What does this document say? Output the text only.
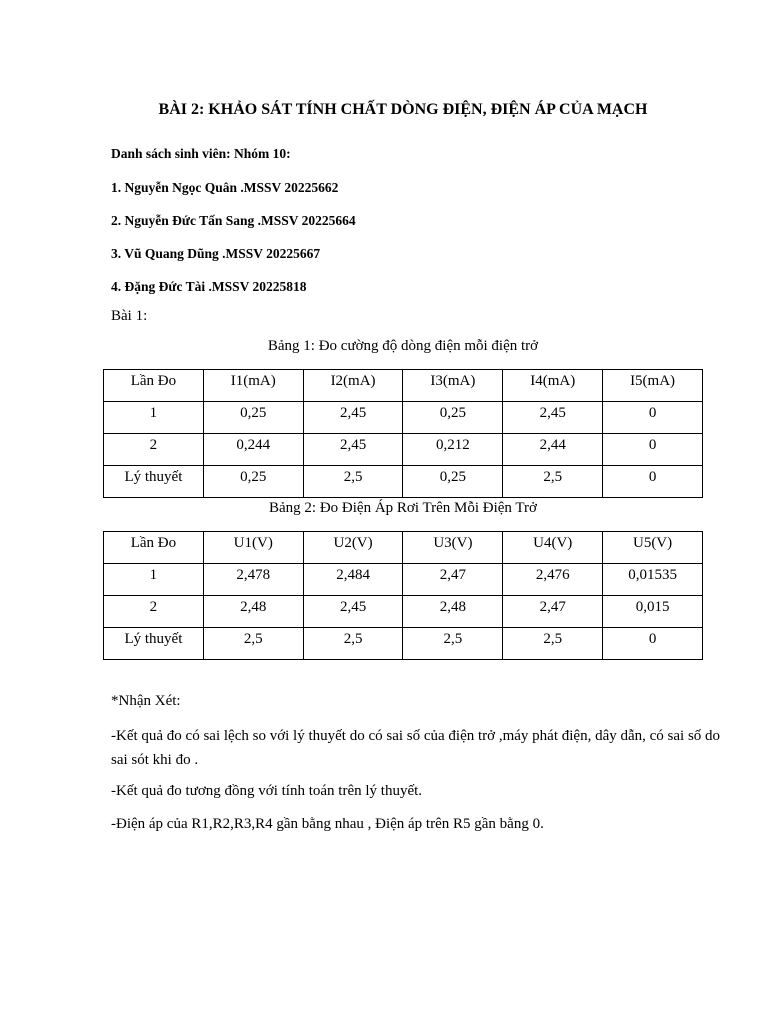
BÀI 2: KHẢO SÁT TÍNH CHẤT DÒNG ĐIỆN, ĐIỆN ÁP CỦA MẠCH
Danh sách sinh viên: Nhóm 10:
1. Nguyễn Ngọc Quân .MSSV 20225662
2. Nguyễn Đức Tấn Sang .MSSV 20225664
3. Vũ Quang Dũng .MSSV 20225667
4. Đặng Đức Tài .MSSV 20225818
Bài 1:
Bảng 1: Đo cường độ dòng điện mỗi điện trở
Lần Đo	I1(mA)	I2(mA)	I3(mA)	I4(mA)	I5(mA)
1	0,25	2,45	0,25	2,45	0
2	0,244	2,45	0,212	2,44	0
Lý thuyết	0,25	2,5	0,25	2,5	0
Bảng 2: Đo Điện Áp Rơi Trên Mỗi Điện Trở
Lần Đo	U1(V)	U2(V)	U3(V)	U4(V)	U5(V)
1	2,478	2,484	2,47	2,476	0,01535
2	2,48	2,45	2,48	2,47	0,015
Lý thuyết	2,5	2,5	2,5	2,5	0
*Nhận Xét:
-Kết quả đo có sai lệch so với lý thuyết do có sai số của điện trở ,máy phát điện, dây dẫn, có sai số do sai sót khi đo .
-Kết quả đo tương đồng với tính toán trên lý thuyết.
-Điện áp của R1,R2,R3,R4 gần bằng nhau , Điện áp trên R5 gần bằng 0.
